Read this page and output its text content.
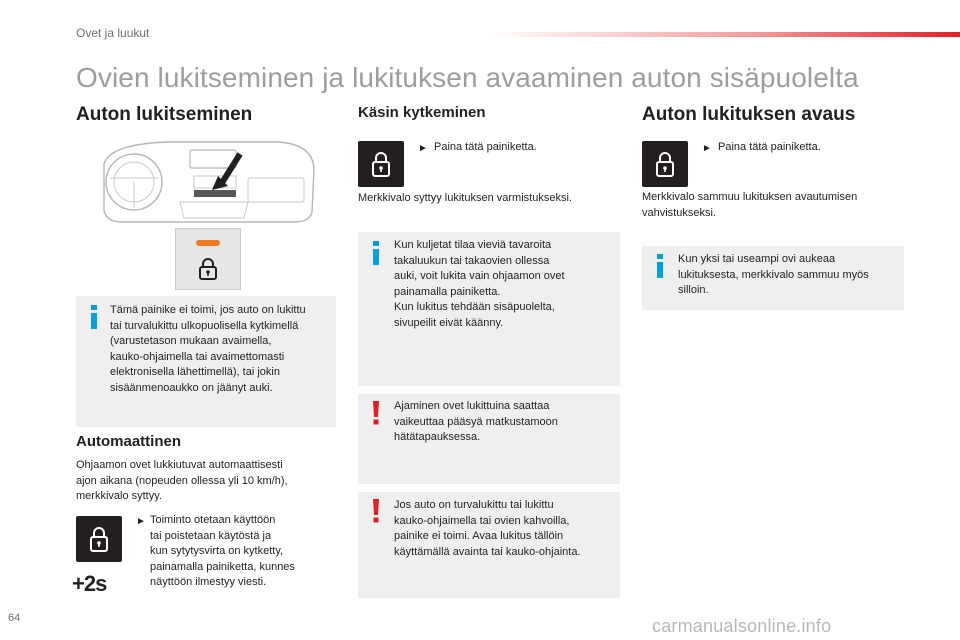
Ovet ja luukut
Ovien lukitseminen ja lukituksen avaaminen auton sisäpuolelta
Auton lukitseminen
Tämä painike ei toimi, jos auto on lukittu
tai turvalukittu ulkopuolisella kytkimellä
(varustetason mukaan avaimella,
kauko-ohjaimella tai avaimettomasti
elektronisella lähettimellä), tai jokin
sisäänmenoaukko on jäänyt auki.
Automaattinen
Ohjaamon ovet lukkiutuvat automaattisesti
ajon aikana (nopeuden ollessa yli 10 km/h),
merkkivalo syttyy.
+2s
► Toiminto otetaan käyttöön
tai poistetaan käytöstä ja
kun sytytysvirta on kytketty,
painamalla painiketta, kunnes
näyttöön ilmestyy viesti.
Käsin kytkeminen
► Paina tätä painiketta.
Merkkivalo syttyy lukituksen varmistukseksi.
Kun kuljetat tilaa vieviä tavaroita
takaluukun tai takaovien ollessa
auki, voit lukita vain ohjaamon ovet
painamalla painiketta.
Kun lukitus tehdään sisäpuolelta,
sivupeilit eivät käänny.
Ajaminen ovet lukittuina saattaa
vaikeuttaa pääsyä matkustamoon
hätätapauksessa.
Jos auto on turvalukittu tai lukittu
kauko-ohjaimella tai ovien kahvoilla,
painike ei toimi. Avaa lukitus tällöin
käyttämällä avainta tai kauko-ohjainta.
Auton lukituksen avaus
► Paina tätä painiketta.
Merkkivalo sammuu lukituksen avautumisen
vahvistukseksi.
Kun yksi tai useampi ovi aukeaa
lukituksesta, merkkivalo sammuu myös
silloin.
64	carmanualsonline.info
